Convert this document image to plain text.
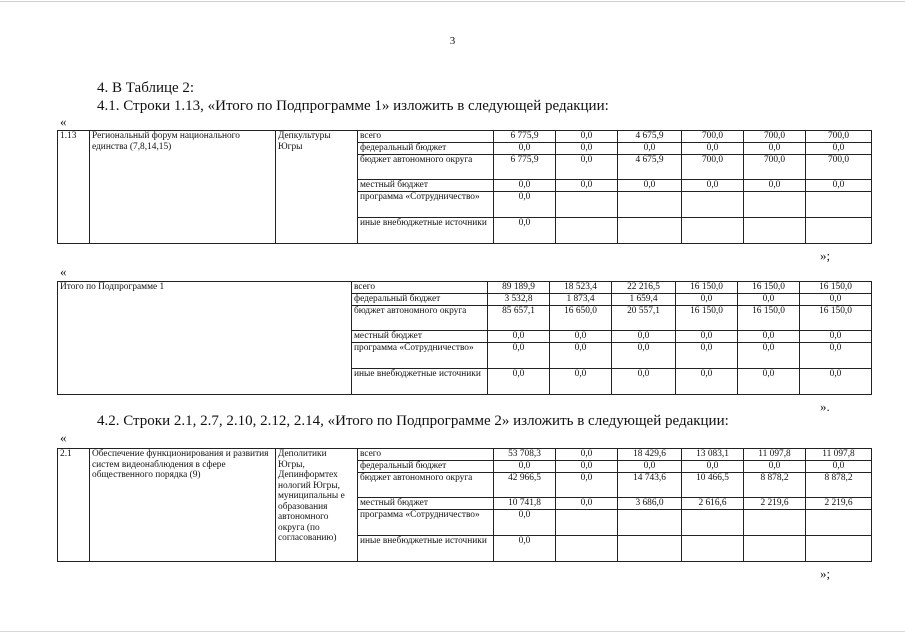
3
4. В Таблице 2:
4.1. Строки 1.13, «Итого по Подпрограмме 1» изложить в следующей редакции:
«
1.13	Региональный форум национального единства (7,8,14,15)	Депкультуры Югры	всего	6 775,9	0,0	4 675,9	700,0	700,0	700,0
			федеральный бюджет	0,0	0,0	0,0	0,0	0,0	0,0
			бюджет автономного округа	6 775,9	0,0	4 675,9	700,0	700,0	700,0
			местный бюджет	0,0	0,0	0,0	0,0	0,0	0,0
			программа «Сотрудничество»	0,0					
			иные внебюджетные источники	0,0					
»;
«
Итого по Подпрограмме 1	всего	89 189,9	18 523,4	22 216,5	16 150,0	16 150,0	16 150,0
	федеральный бюджет	3 532,8	1 873,4	1 659,4	0,0	0,0	0,0
	бюджет автономного округа	85 657,1	16 650,0	20 557,1	16 150,0	16 150,0	16 150,0
	местный бюджет	0,0	0,0	0,0	0,0	0,0	0,0
	программа «Сотрудничество»	0,0	0,0	0,0	0,0	0,0	0,0
	иные внебюджетные источники	0,0	0,0	0,0	0,0	0,0	0,0
».
4.2. Строки 2.1, 2.7, 2.10, 2.12, 2.14, «Итого по Подпрограмме 2» изложить в следующей редакции:
«
2.1	Обеспечение функционирования и развития систем видеонаблюдения в сфере общественного порядка (9)	Деполитики Югры, Депинформтех нологий Югры, муниципальны е образования автономного округа (по согласованию)	всего	53 708,3	0,0	18 429,6	13 083,1	11 097,8	11 097,8
			федеральный бюджет	0,0	0,0	0,0	0,0	0,0	0,0
			бюджет автономного округа	42 966,5	0,0	14 743,6	10 466,5	8 878,2	8 878,2
			местный бюджет	10 741,8	0,0	3 686,0	2 616,6	2 219,6	2 219,6
			программа «Сотрудничество»	0,0					
			иные внебюджетные источники	0,0					
»;
